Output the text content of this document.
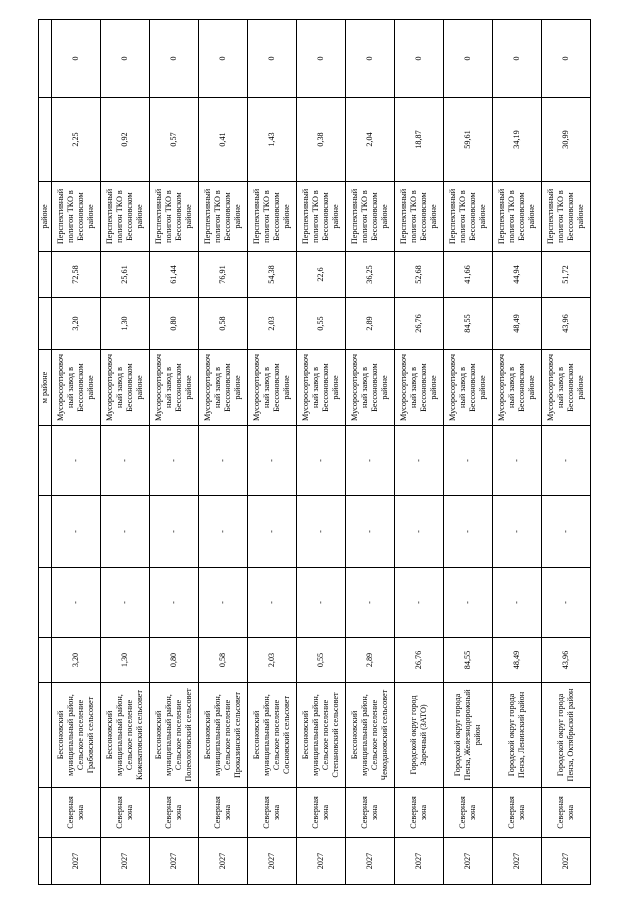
							м районе			районе		
2027	Северная зона	Бессоновский муниципальный район, Сельское поселение Грабовский сельсовет	3,20	-	-	-	Мусоросортировочный завод в Бессоновском районе	3,20	72,58	Перспективный полигон ТКО в Бессоновском районе	2,25	0
2027	Северная зона	Бессоновский муниципальный район, Сельское поселение Кижеватовский сельсовет	1,30	-	-	-	Мусоросортировочный завод в Бессоновском районе	1,30	25,61	Перспективный полигон ТКО в Бессоновском районе	0,92	0
2027	Северная зона	Бессоновский муниципальный район, Сельское поселение Полеологовский сельсовет	0,80	-	-	-	Мусоросортировочный завод в Бессоновском районе	0,80	61,44	Перспективный полигон ТКО в Бессоновском районе	0,57	0
2027	Северная зона	Бессоновский муниципальный район, Сельское поселение Проказинский сельсовет	0,58	-	-	-	Мусоросортировочный завод в Бессоновском районе	0,58	76,91	Перспективный полигон ТКО в Бессоновском районе	0,41	0
2027	Северная зона	Бессоновский муниципальный район, Сельское поселение Сосновский сельсовет	2,03	-	-	-	Мусоросортировочный завод в Бессоновском районе	2,03	54,38	Перспективный полигон ТКО в Бессоновском районе	1,43	0
2027	Северная зона	Бессоновский муниципальный район, Сельское поселение Степановский сельсовет	0,55	-	-	-	Мусоросортировочный завод в Бессоновском районе	0,55	22,6	Перспективный полигон ТКО в Бессоновском районе	0,38	0
2027	Северная зона	Бессоновский муниципальный район, Сельское поселение Чемодановский сельсовет	2,89	-	-	-	Мусоросортировочный завод в Бессоновском районе	2,89	36,25	Перспективный полигон ТКО в Бессоновском районе	2,04	0
2027	Северная зона	Городской округ город Заречный (ЗАТО)	26,76	-	-	-	Мусоросортировочный завод в Бессоновском районе	26,76	52,68	Перспективный полигон ТКО в Бессоновском районе	18,87	0
2027	Северная зона	Городской округ города Пенза, Железнодорожный район	84,55	-	-	-	Мусоросортировочный завод в Бессоновском районе	84,55	41,66	Перспективный полигон ТКО в Бессоновском районе	59,61	0
2027	Северная зона	Городской округ города Пенза, Ленинский район	48,49	-	-	-	Мусоросортировочный завод в Бессоновском районе	48,49	44,94	Перспективный полигон ТКО в Бессоновском районе	34,19	0
2027	Северная зона	Городской округ города Пенза, Октябрьский район	43,96	-	-	-	Мусоросортировочный завод в Бессоновском районе	43,96	51,72	Перспективный полигон ТКО в Бессоновском районе	30,99	0
